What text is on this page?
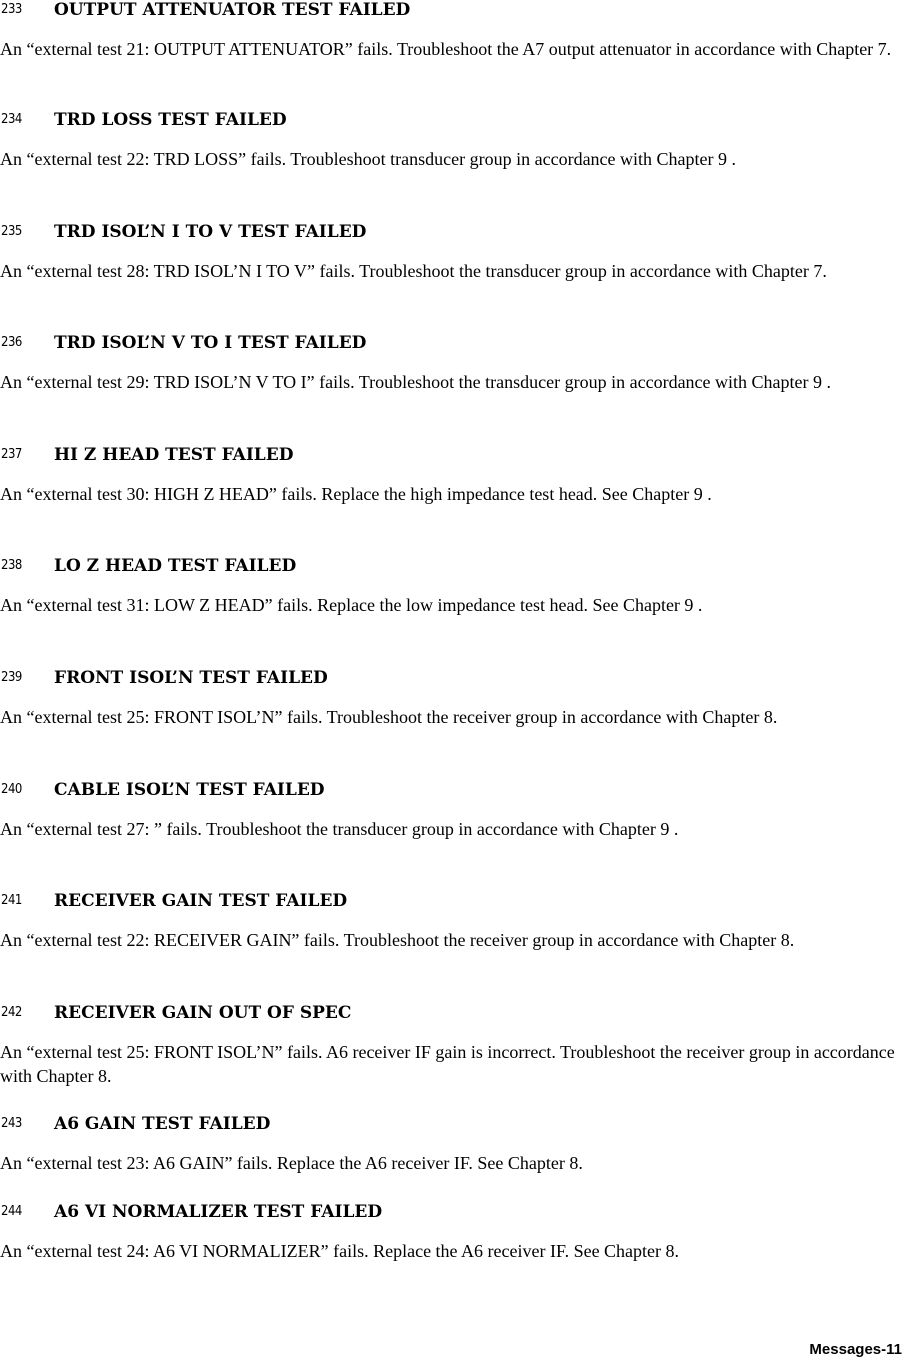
233 OUTPUT ATTENUATOR TEST FAILED

An “external test 21: OUTPUT ATTENUATOR” fails. Troubleshoot the A7 output attenuator in accordance with Chapter 7.

234 TRD LOSS TEST FAILED

An “external test 22: TRD LOSS” fails. Troubleshoot transducer group in accordance with Chapter 9 .

235 TRD ISOL’N I TO V TEST FAILED

An “external test 28: TRD ISOL’N I TO V” fails. Troubleshoot the transducer group in accordance with Chapter 7.

236 TRD ISOL’N V TO I TEST FAILED

An “external test 29: TRD ISOL’N V TO I” fails. Troubleshoot the transducer group in accordance with Chapter 9 .

237 HI Z HEAD TEST FAILED

An “external test 30: HIGH Z HEAD” fails. Replace the high impedance test head. See Chapter 9 .

238 LO Z HEAD TEST FAILED

An “external test 31: LOW Z HEAD” fails. Replace the low impedance test head. See Chapter 9 .

239 FRONT ISOL’N TEST FAILED

An “external test 25: FRONT ISOL’N” fails. Troubleshoot the receiver group in accordance with Chapter 8.

240 CABLE ISOL’N TEST FAILED

An “external test 27: ” fails. Troubleshoot the transducer group in accordance with Chapter 9 .

241 RECEIVER GAIN TEST FAILED

An “external test 22: RECEIVER GAIN” fails. Troubleshoot the receiver group in accordance with Chapter 8.

242 RECEIVER GAIN OUT OF SPEC

An “external test 25: FRONT ISOL’N” fails. A6 receiver IF gain is incorrect. Troubleshoot the receiver group in accordance with Chapter 8.

243 A6 GAIN TEST FAILED

An “external test 23: A6 GAIN” fails. Replace the A6 receiver IF. See Chapter 8.

244 A6 VI NORMALIZER TEST FAILED

An “external test 24: A6 VI NORMALIZER” fails. Replace the A6 receiver IF. See Chapter 8.

Messages-11
